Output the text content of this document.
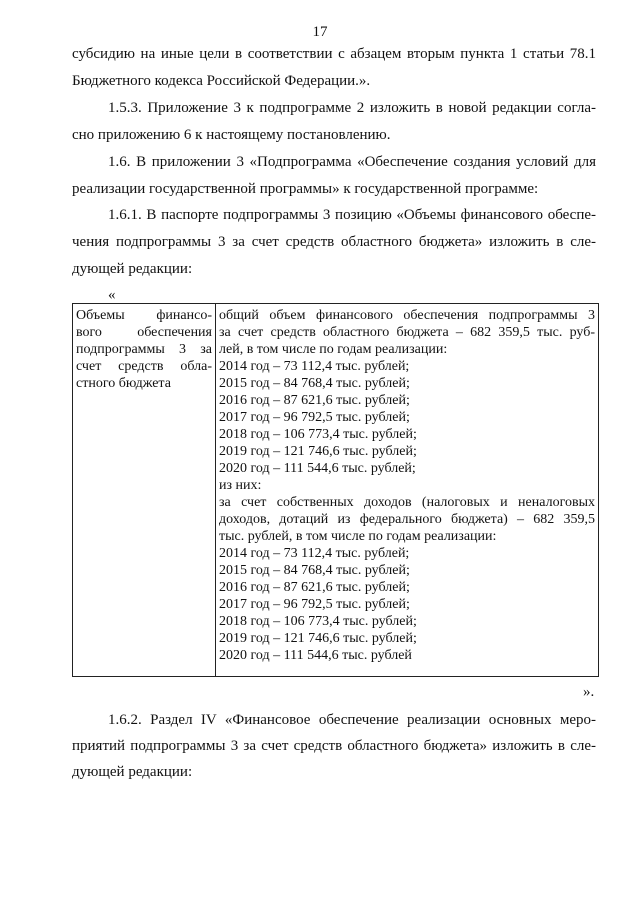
17
субсидию на иные цели в соответствии с абзацем вторым пункта 1 статьи 78.1
Бюджетного кодекса Российской Федерации.».
1.5.3. Приложение 3 к подпрограмме 2 изложить в новой редакции согла-
сно приложению 6 к настоящему постановлению.
1.6. В приложении 3 «Подпрограмма «Обеспечение создания условий для
реализации государственной программы» к государственной программе:
1.6.1. В паспорте подпрограммы 3 позицию «Объемы финансового обеспе-
чения подпрограммы 3 за счет средств областного бюджета» изложить в сле-
дующей редакции:
«
Объемы финансо-
вого обеспечения
подпрограммы 3 за
счет средств обла-
стного бюджета

общий объем финансового обеспечения подпрограммы 3
за счет средств областного бюджета – 682 359,5 тыс. руб-
лей, в том числе по годам реализации:
2014 год – 73 112,4 тыс. рублей;
2015 год – 84 768,4 тыс. рублей;
2016 год – 87 621,6 тыс. рублей;
2017 год – 96 792,5 тыс. рублей;
2018 год – 106 773,4 тыс. рублей;
2019 год – 121 746,6 тыс. рублей;
2020 год – 111 544,6 тыс. рублей;
из них:
за счет собственных доходов (налоговых и неналоговых
доходов, дотаций из федерального бюджета) – 682 359,5
тыс. рублей, в том числе по годам реализации:
2014 год – 73 112,4 тыс. рублей;
2015 год – 84 768,4 тыс. рублей;
2016 год – 87 621,6 тыс. рублей;
2017 год – 96 792,5 тыс. рублей;
2018 год – 106 773,4 тыс. рублей;
2019 год – 121 746,6 тыс. рублей;
2020 год – 111 544,6 тыс. рублей
».
1.6.2. Раздел IV «Финансовое обеспечение реализации основных меро-
приятий подпрограммы 3 за счет средств областного бюджета» изложить в сле-
дующей редакции:
